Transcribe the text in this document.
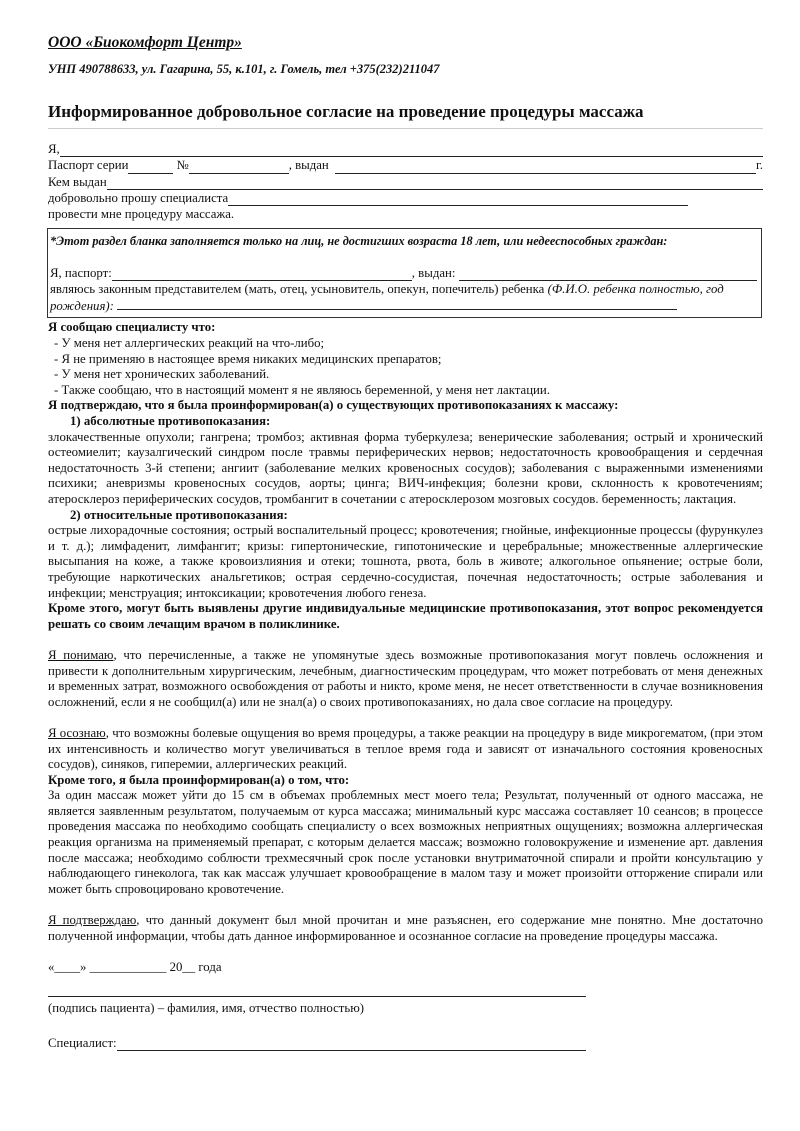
ООО «Биокомфорт Центр»
УНП 490788633, ул. Гагарина, 55, к.101, г. Гомель, тел +375(232)211047
Информированное добровольное согласие на проведение процедуры массажа
Я,
Паспорт серии	№	, выдан	г.
Кем выдан
добровольно прошу специалиста
провести мне процедуру массажа.
*Этот раздел бланка заполняется только на лиц, не достигших возраста 18 лет, или недееспособных граждан:
Я, паспорт:	, выдан:
являюсь законным представителем (мать, отец, усыновитель, опекун, попечитель) ребенка (Ф.И.О. ребенка полностью, год рождения):

Я сообщаю специалисту что:

- У меня нет аллергических реакций на что-либо;

- Я не применяю в настоящее время никаких медицинских препаратов;

- У меня нет хронических заболеваний.

- Также сообщаю, что в настоящий момент я не являюсь беременной, у меня нет лактации.

Я подтверждаю, что я была проинформирован(а) о существующих противопоказаниях к массажу:

1) абсолютные противопоказания:

злокачественные опухоли; гангрена; тромбоз; активная форма туберкулеза; венерические заболевания; острый и хронический остеомиелит; каузалгический синдром после травмы периферических нервов; недостаточность кровообращения и сердечная недостаточность 3-й степени; ангиит (заболевание мелких кровеносных сосудов); заболевания с выраженными изменениями психики; аневризмы кровеносных сосудов, аорты; цинга; ВИЧ-инфекция; болезни крови, склонность к кровотечениям; атеросклероз периферических сосудов, тромбангит в сочетании с атеросклерозом мозговых сосудов. беременность; лактация.

2) относительные противопоказания:

острые лихорадочные состояния; острый воспалительный процесс; кровотечения; гнойные, инфекционные процессы (фурункулез и т. д.); лимфаденит, лимфангит; кризы: гипертонические, гипотонические и церебральные; множественные аллергические высыпания на коже, а также кровоизлияния и отеки; тошнота, рвота, боль в животе; алкогольное опьянение; острые боли, требующие наркотических анальгетиков; острая сердечно-сосудистая, почечная недостаточность; острые заболевания и инфекции; менструация; интоксикации; кровотечения любого генеза.

Кроме этого, могут быть выявлены другие индивидуальные медицинские противопоказания, этот вопрос рекомендуется решать со своим лечащим врачом в поликлинике.

Я понимаю, что перечисленные, а также не упомянутые здесь возможные противопоказания могут повлечь осложнения и привести к дополнительным хирургическим, лечебным, диагностическим процедурам, что может потребовать от меня денежных и временных затрат, возможного освобождения от работы и никто, кроме меня, не несет ответственности в случае возникновения осложнений, если я не сообщил(а) или не знал(а) о своих противопоказаниях, но дала свое согласие на процедуру.

Я осознаю, что возможны болевые ощущения во время процедуры, а также реакции на процедуру в виде микрогематом, (при этом их интенсивность и количество могут увеличиваться в теплое время года и зависят от изначального состояния кровеносных сосудов), синяков, гиперемии, аллергических реакций.

Кроме того, я была проинформирован(а) о том, что:

За один массаж может уйти до 15 см в объемах проблемных мест моего тела; Результат, полученный от одного массажа, не является заявленным результатом, получаемым от курса массажа; минимальный курс массажа составляет 10 сеансов; в процессе проведения массажа по необходимо сообщать специалисту о всех возможных неприятных ощущениях; возможна аллергическая реакция организма на применяемый препарат, с которым делается массаж; возможно головокружение и изменение арт. давления после массажа; необходимо соблюсти трехмесячный срок после установки внутриматочной спирали и пройти консультацию у наблюдающего гинеколога, так как массаж улучшает кровообращение в малом тазу и может произойти отторжение спирали или может быть спровоцировано кровотечение.

Я подтверждаю, что данный документ был мной прочитан и мне разъяснен, его содержание мне понятно. Мне достаточно полученной информации, чтобы дать данное информированное и осознанное согласие на проведение процедуры массажа.

«____» ____________ 20__ года
(подпись пациента) – фамилия, имя, отчество полностью)
Специалист:
